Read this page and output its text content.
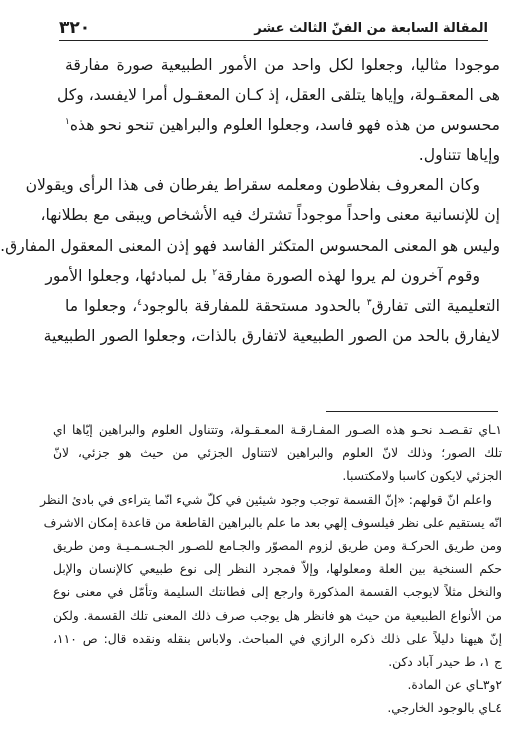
المقالة السابعة من الفنّ الثالث عشر
٣٢٠
موجودا مثاليا، وجعلوا لكل واحد من الأمور الطبيعية صورة مفارقة
هى المعقـولة، وإياها يتلقى العقل، إذ كـان المعقـول أمرا لايفسد، وكل
محسوس من هذه فهو فاسد، وجعلوا العلوم والبراهين تنحو نحو هذه$^١$
وإياها تتناول.
وكان المعروف بفلاطون ومعلمه سقراط يفرطان فى هذا الرأى ويقولان
إن للإنسانية معنى واحداً موجوداً تشترك فيه الأشخاص ويبقى مع بطلانها،
وليس هو المعنى المحسوس المتكثر الفاسد فهو إذن المعنى المعقول المفارق.
وقوم آخرون لم يروا لهذه الصورة مفارقة$^٢$ بل لمبادئها، وجعلوا الأمور
التعليمية التى تفارق$^٣$ بالحدود مستحقة للمفارقة بالوجود$^٤$، وجعلوا ما
لايفارق بالحد من الصور الطبيعية لاتفارق بالذات، وجعلوا الصور الطبيعية
١ـاي تقـصـد نحـو هذه الصـور المفـارقـة المعـقـولة، وتتناول العلوم والبراهين إيّاها اي
تلك الصور؛ وذلك لانّ العلوم والبراهين لاتتناول الجزئي من حيث هو جزئي، لانّ
الجزئي لايكون كاسبا ولامكتسبا.
واعلم انّ قولهم: «إنّ القسمة توجب وجود شيئين في كلّ شيء انّما يتراءى في بادئ النظر
انّه يستقيم على نظر فيلسوف إلهي بعد ما علم بالبراهين القاطعة من قاعدة إمكان الاشرف
ومن طريق الحركـة ومن طريق لزوم المصوّر والجـامع للصـور الجـسـمـيـة ومن طريق
حكم السنخية بين العلة ومعلولها، وإلاّ فمجرد النظر إلى نوع طبيعي كالإنسان والإبل
والنخل مثلاً لايوجب القسمة المذكورة وارجع إلى فطانتك السليمة وتأمّل في معنى نوع
من الأنواع الطبيعية من حيث هو فانظر هل يوجب صرف ذلك المعنى تلك القسمة. ولكن
إنّ هيهنا دليلاً على ذلك ذكره الرازي في المباحث. ولاباس بنقله ونقده قال: ص ١١٠،
ج ١، ط حيدر آباد دكن.
٢و٣ـاي عن المادة.
٤ـاي بالوجود الخارجي.
